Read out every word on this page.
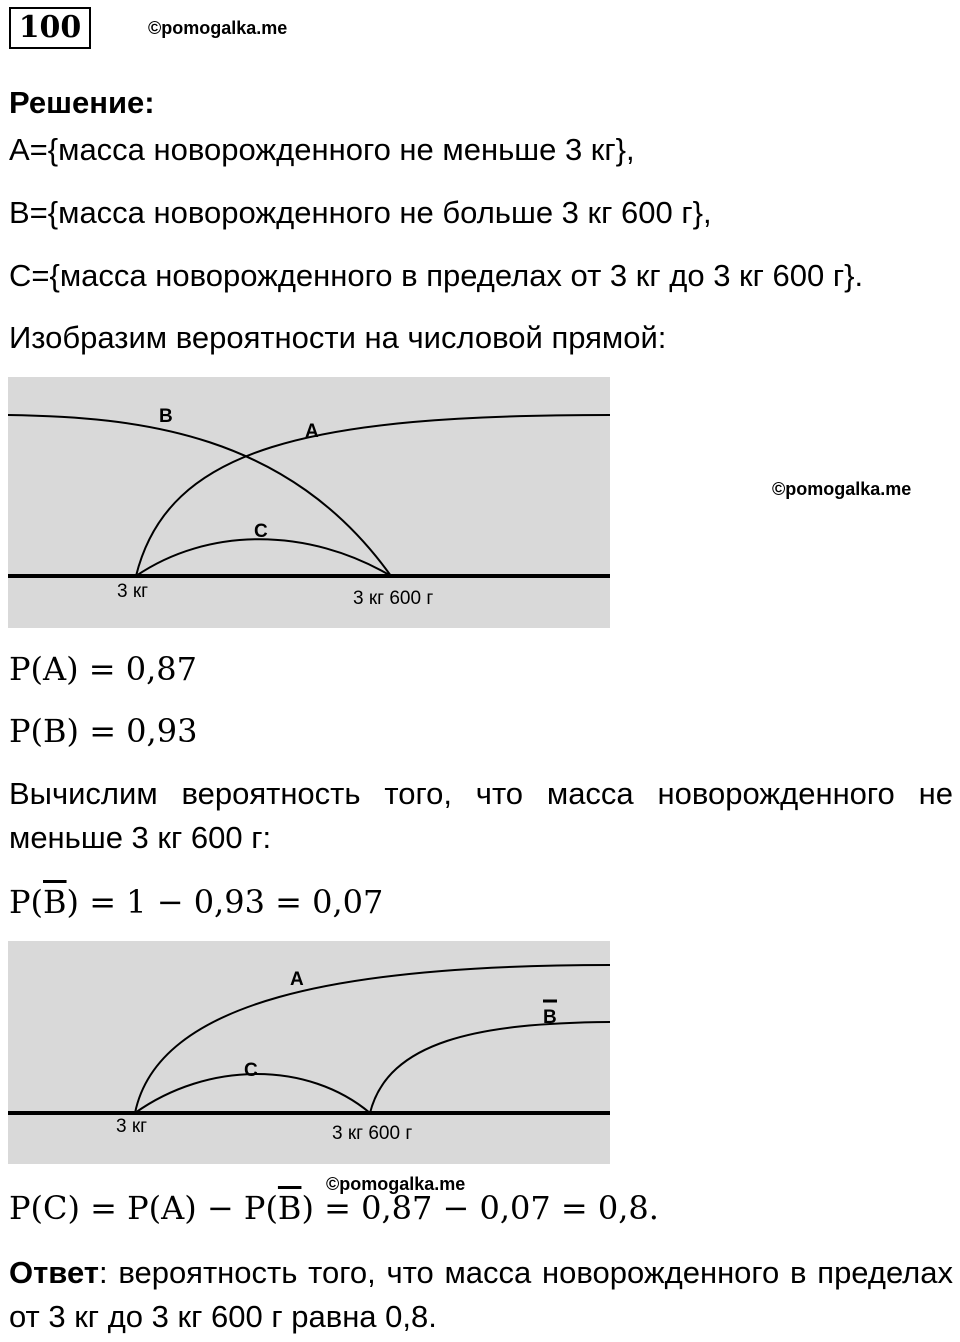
100	©pomogalka.me
Решение:
A={масса новорожденного не меньше 3 кг},
B={масса новорожденного не больше 3 кг 600 г},
C={масса новорожденного в пределах от 3 кг до 3 кг 600 г}.
Изобразим вероятности на числовой прямой:
B
A
C
3 кг	3 кг 600 г
©pomogalka.me
P(A) = 0,87
P(B) = 0,93
Вычислим вероятность того, что масса новорожденного не меньше 3 кг 600 г:
$P(\overline{B}) = 1 - 0,93 = 0,07$
A
B
C
3 кг	3 кг 600 г
$P(C) = P(A) - P(\overline{B}) = 0,87 - 0,07 = 0,8$.
©pomogalka.me
Ответ: вероятность того, что масса новорожденного в пределах от 3 кг до 3 кг 600 г равна 0,8.
